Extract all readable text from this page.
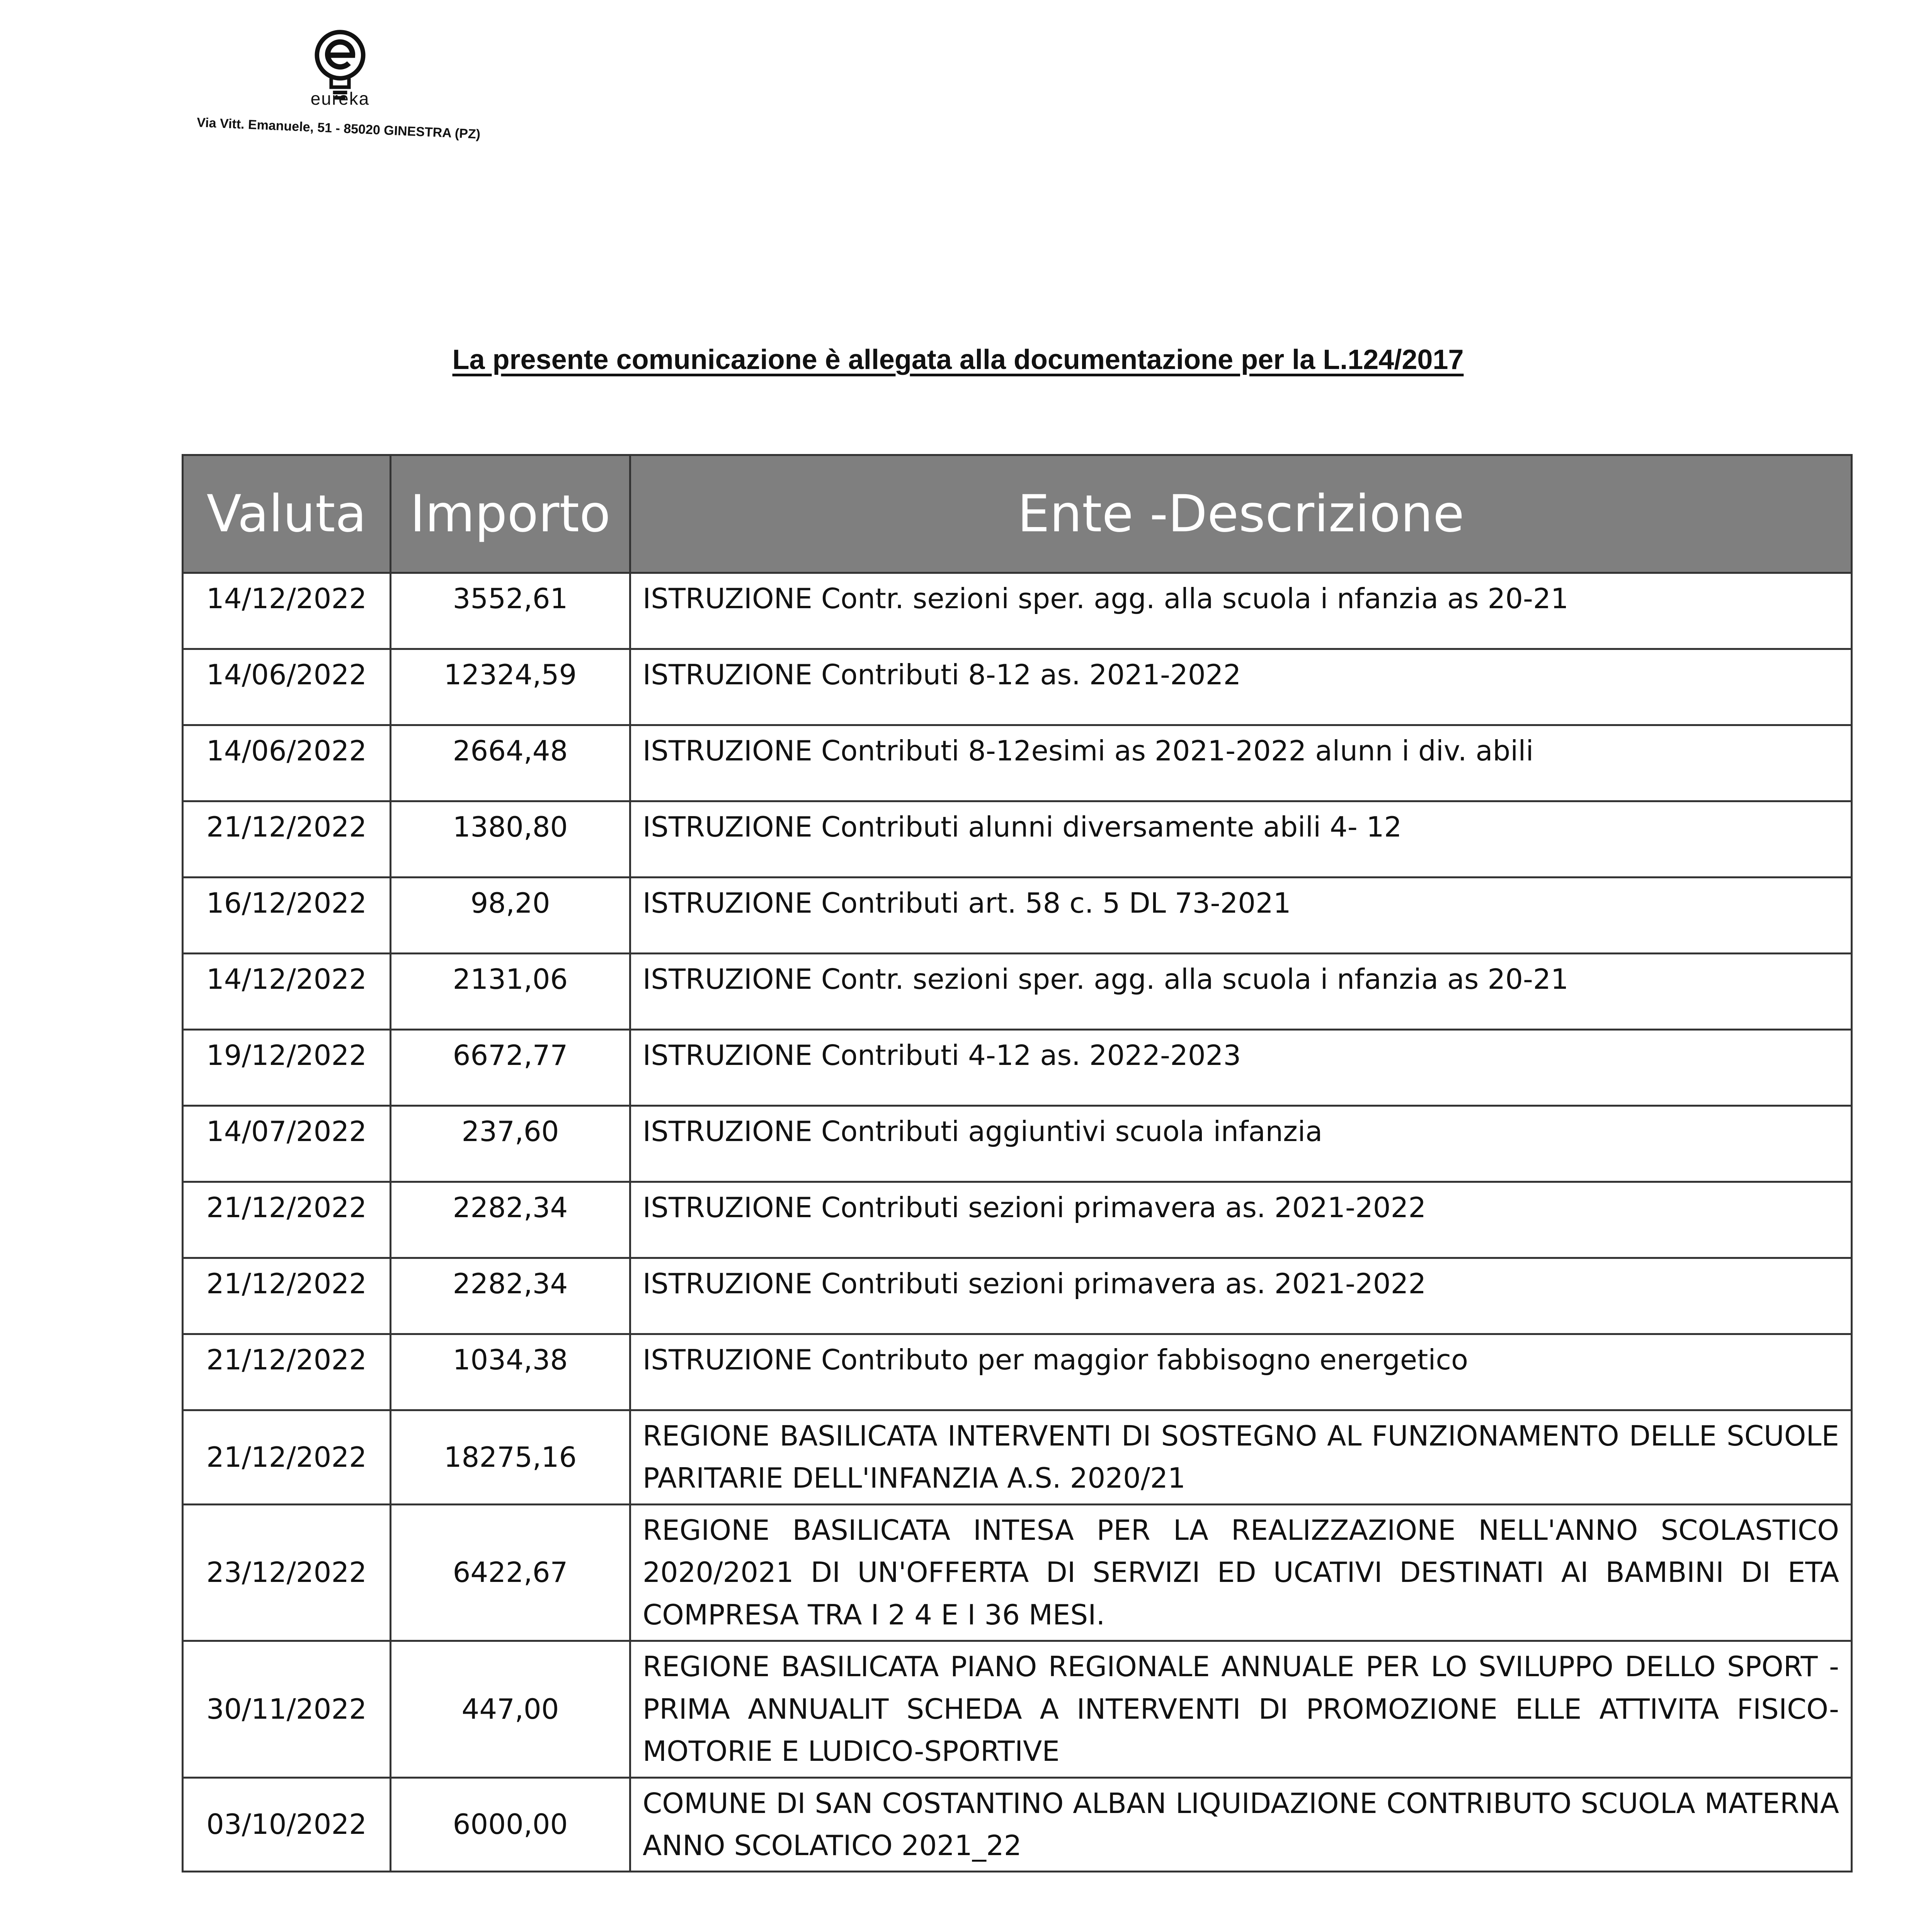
eureka
Via Vitt. Emanuele, 51 - 85020 GINESTRA (PZ)
La presente comunicazione è allegata alla documentazione per la L.124/2017
Valuta	Importo	Ente -Descrizione
14/12/2022	3552,61	ISTRUZIONE Contr. sezioni sper. agg. alla scuola i nfanzia as 20-21
14/06/2022	12324,59	ISTRUZIONE Contributi 8-12 as. 2021-2022
14/06/2022	2664,48	ISTRUZIONE Contributi 8-12esimi as 2021-2022 alunn i div. abili
21/12/2022	1380,80	ISTRUZIONE Contributi alunni diversamente abili 4- 12
16/12/2022	98,20	ISTRUZIONE Contributi art. 58 c. 5 DL 73-2021
14/12/2022	2131,06	ISTRUZIONE Contr. sezioni sper. agg. alla scuola i nfanzia as 20-21
19/12/2022	6672,77	ISTRUZIONE Contributi 4-12 as. 2022-2023
14/07/2022	237,60	ISTRUZIONE Contributi aggiuntivi scuola infanzia
21/12/2022	2282,34	ISTRUZIONE Contributi sezioni primavera as. 2021-2022
21/12/2022	2282,34	ISTRUZIONE Contributi sezioni primavera as. 2021-2022
21/12/2022	1034,38	ISTRUZIONE Contributo per maggior fabbisogno energetico
21/12/2022	18275,16	REGIONE BASILICATA INTERVENTI DI SOSTEGNO AL FUNZIONAMENTO DELLE SCUOLE PARITARIE DELL'INFANZIA A.S. 2020/21
23/12/2022	6422,67	REGIONE BASILICATA INTESA PER LA REALIZZAZIONE NELL'ANNO SCOLASTICO 2020/2021 DI UN'OFFERTA DI SERVIZI ED UCATIVI DESTINATI AI BAMBINI DI ETA COMPRESA TRA I 2 4 E I 36 MESI.
30/11/2022	447,00	REGIONE BASILICATA PIANO REGIONALE ANNUALE PER LO SVILUPPO DELLO SPORT - PRIMA ANNUALIT SCHEDA A INTERVENTI DI PROMOZIONE ELLE ATTIVITA FISICO-MOTORIE E LUDICO-SPORTIVE
03/10/2022	6000,00	COMUNE DI SAN COSTANTINO ALBAN LIQUIDAZIONE CONTRIBUTO SCUOLA MATERNA ANNO SCOLATICO 2021_22
